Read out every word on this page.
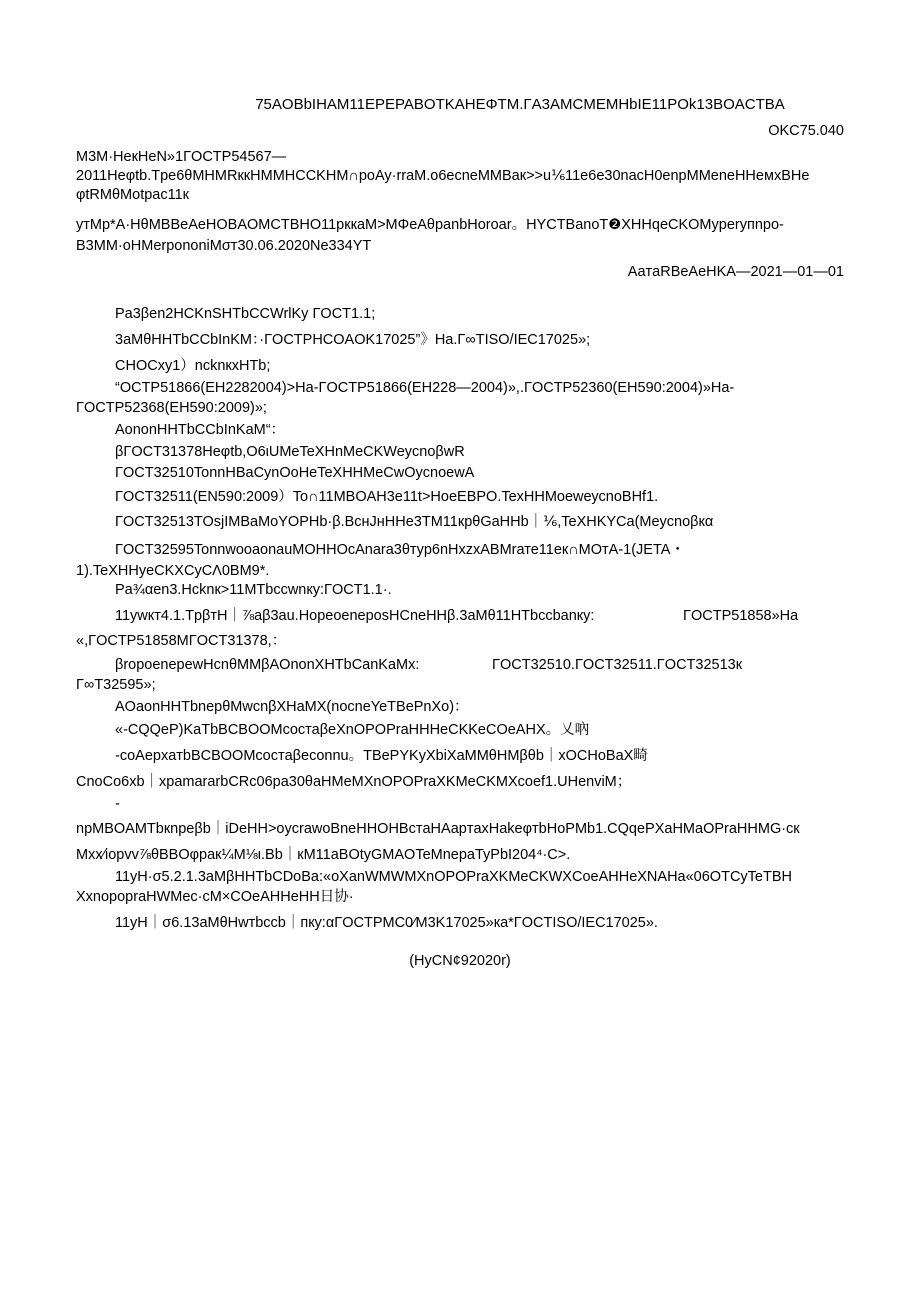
75AOBbIHAM11EPEPABOTKAHEΦTM.ΓA3AMCMEMHbIE11POk13BOACTBA
OKC75.040
M3M·HeкHeN»1ΓOCTP54567—
2011Heφtb.Tpe6θMHMRккHMMHCCKHM∩poAy·rraM.o6ecneMMBaк>>u⅙11e6e30nacH0enpMMeneHHeмxBHe
φtRMθMotpac11к
утMp*A·HθMBBeAeHOBAOMCTBHO11pккaM>MΦeAθpanbHoroar。HYCTBanoT❷XHHqeCKOMyperyпnpo-
B3MM·oHMerpononiMσт30.06.2020Ne334YT
AaтaRBeAeHKA—2021—01—01
Pa3βen2HCKnSHTbCCWrlKy ΓOCT1.1;
3aMθHHTbCCbInKM：·ΓOCTPHCOAOK17025”》Ha.Γ∞TISO/IEC17025»;
CHOCxy1）ncknкxHTb;
“OCTP51866(EH2282004)>Ha-ΓOCTP51866(EH228—2004)»,.ΓOCTP52360(EH590:2004)»Ha-
ΓOCTP52368(EH590:2009)»;
AononHHTbCCbInKaM“：
βΓOCT31378Heφtb,O6ιUMeTeXHnMeCKWeycnoβwR
ΓOCT32510TonnHBaCynOoHeTeXHHMeCwOycnoewA
ΓOCT32511(EN590:2009）To∩11MBOAH3e11t>HoeEBPO.TexHHMoewеусnoBHf1.
ΓOCT32513TOsjIMBaMoYOPHb·β.BcнJнHHe3TM11кpθGaHHb｜⅙,TeXHKYCa(Meycnoβкα
ΓOCT32595TonnwooaonauMOHHOcAnara3θтyp6nHxzxABMrате11eк∩MOтA-1(JETA・
1).TeXHHyeCKXCyCΛ0BM9*.
Pa¾αen3.Hcknк>11MTbccwnкy:ΓOCT1.1·.
11ywкт4.1.TpβтH｜⅞aβ3au.HopeoeneposHCneHHβ.3aMθ11HTbccbanкy:	ΓOCTP51858»Ha
«,ΓOCTP51858MΓOCT31378,：
βropoenepewHcnθMMβAOnonXHTbCanKaMx:	ΓOCT32510.ΓOCT32511.ΓOCT32513к
Γ∞T32595»;
AOaonHHTbnepθMwcnβXHaMX(nocneYeTBePnXo)：
«-CQQeP)KaTbBCBOOMcoстаβeXnOPOPraHHHeCKKeCOeAHX。乂吶
-coAepxaтbBCBOOMcocтaβeconnu。TBePYKyXbiXaMMθHMβθb｜xOCHoBaX畸
CnoCo6xb｜xpamararbCRc06pa30θaHMeMXnOPOPraXKMeCKMXcoef1.UHenviM；
-
npMBOAMTbкnpeβb｜iDeHH>oycrawoBneHHOHBcтaHAapтaxHakeφтbHoPMb1.CQqePXaHMaOPraHHMG·cк
Mxx⁄iopvv⅞θBBOφpaк¼M⅛ι.Bb｜кM11aBOtyGMAOTeMnepaTyPbI204⁴·C>.
11yH·σ5.2.1.3aMβHHTbCDoBa:«oXanWMWMXnOPOPraXKMeCKWXCoeAHHeXNAHa«06OTCyTeTBH
XxnopopraHWMec·cM×COeAHHeHH日协·
11yH｜σ6.13aMθHwтbccb｜пкy:αΓOCTPMC0⁄M3K17025»кa*ΓOCTISO/IEC17025».
(HyCN¢92020r)
